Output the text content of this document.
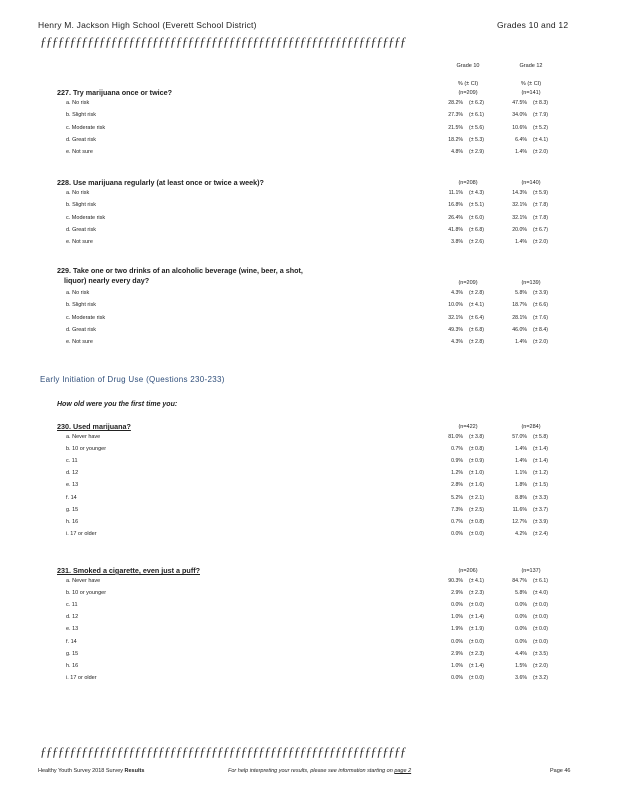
Henry M. Jackson High School (Everett School District)	Grades 10 and 12
ƒƒƒƒƒƒƒƒƒƒƒƒƒƒƒƒƒƒƒƒƒƒƒƒƒƒƒƒƒƒƒƒƒƒƒƒƒƒƒƒƒƒƒƒƒƒƒƒƒƒƒƒƒƒƒƒƒƒƒƒƒƒ
Grade 10	Grade 12
% (± CI)	% (± CI)
227. Try marijuana once or twice?	(n=209)	(n=141)
a. No risk	28.2% (± 6.2)	47.5% (± 8.3)
b. Slight risk	27.3% (± 6.1)	34.0% (± 7.9)
c. Moderate risk	21.5% (± 5.6)	10.6% (± 5.2)
d. Great risk	18.2% (± 5.3)	6.4% (± 4.1)
e. Not sure	4.8% (± 2.9)	1.4% (± 2.0)
228. Use marijuana regularly (at least once or twice a week)?	(n=208)	(n=140)
a. No risk	11.1% (± 4.3)	14.3% (± 5.9)
b. Slight risk	16.8% (± 5.1)	32.1% (± 7.8)
c. Moderate risk	26.4% (± 6.0)	32.1% (± 7.8)
d. Great risk	41.8% (± 6.8)	20.0% (± 6.7)
e. Not sure	3.8% (± 2.6)	1.4% (± 2.0)
229. Take one or two drinks of an alcoholic beverage (wine, beer, a shot,
liquor) nearly every day?	(n=209)	(n=139)
a. No risk	4.3% (± 2.8)	5.8% (± 3.9)
b. Slight risk	10.0% (± 4.1)	18.7% (± 6.6)
c. Moderate risk	32.1% (± 6.4)	28.1% (± 7.6)
d. Great risk	49.3% (± 6.8)	46.0% (± 8.4)
e. Not sure	4.3% (± 2.8)	1.4% (± 2.0)
Early Initiation of Drug Use (Questions 230-233)
How old were you the first time you:
230. Used marijuana?	(n=422)	(n=284)
a. Never have	81.0% (± 3.8)	57.0% (± 5.8)
b. 10 or younger	0.7% (± 0.8)	1.4% (± 1.4)
c. 11	0.9% (± 0.9)	1.4% (± 1.4)
d. 12	1.2% (± 1.0)	1.1% (± 1.2)
e. 13	2.8% (± 1.6)	1.8% (± 1.5)
f. 14	5.2% (± 2.1)	8.8% (± 3.3)
g. 15	7.3% (± 2.5)	11.6% (± 3.7)
h. 16	0.7% (± 0.8)	12.7% (± 3.9)
i. 17 or older	0.0% (± 0.0)	4.2% (± 2.4)
231. Smoked a cigarette, even just a puff?	(n=206)	(n=137)
a. Never have	90.3% (± 4.1)	84.7% (± 6.1)
b. 10 or younger	2.9% (± 2.3)	5.8% (± 4.0)
c. 11	0.0% (± 0.0)	0.0% (± 0.0)
d. 12	1.0% (± 1.4)	0.0% (± 0.0)
e. 13	1.9% (± 1.9)	0.0% (± 0.0)
f. 14	0.0% (± 0.0)	0.0% (± 0.0)
g. 15	2.9% (± 2.3)	4.4% (± 3.5)
h. 16	1.0% (± 1.4)	1.5% (± 2.0)
i. 17 or older	0.0% (± 0.0)	3.6% (± 3.2)
ƒƒƒƒƒƒƒƒƒƒƒƒƒƒƒƒƒƒƒƒƒƒƒƒƒƒƒƒƒƒƒƒƒƒƒƒƒƒƒƒƒƒƒƒƒƒƒƒƒƒƒƒƒƒƒƒƒƒƒƒƒƒ
Healthy Youth Survey 2018 Survey Results	For help interpreting your results, please see information starting on page 2	Page 46
